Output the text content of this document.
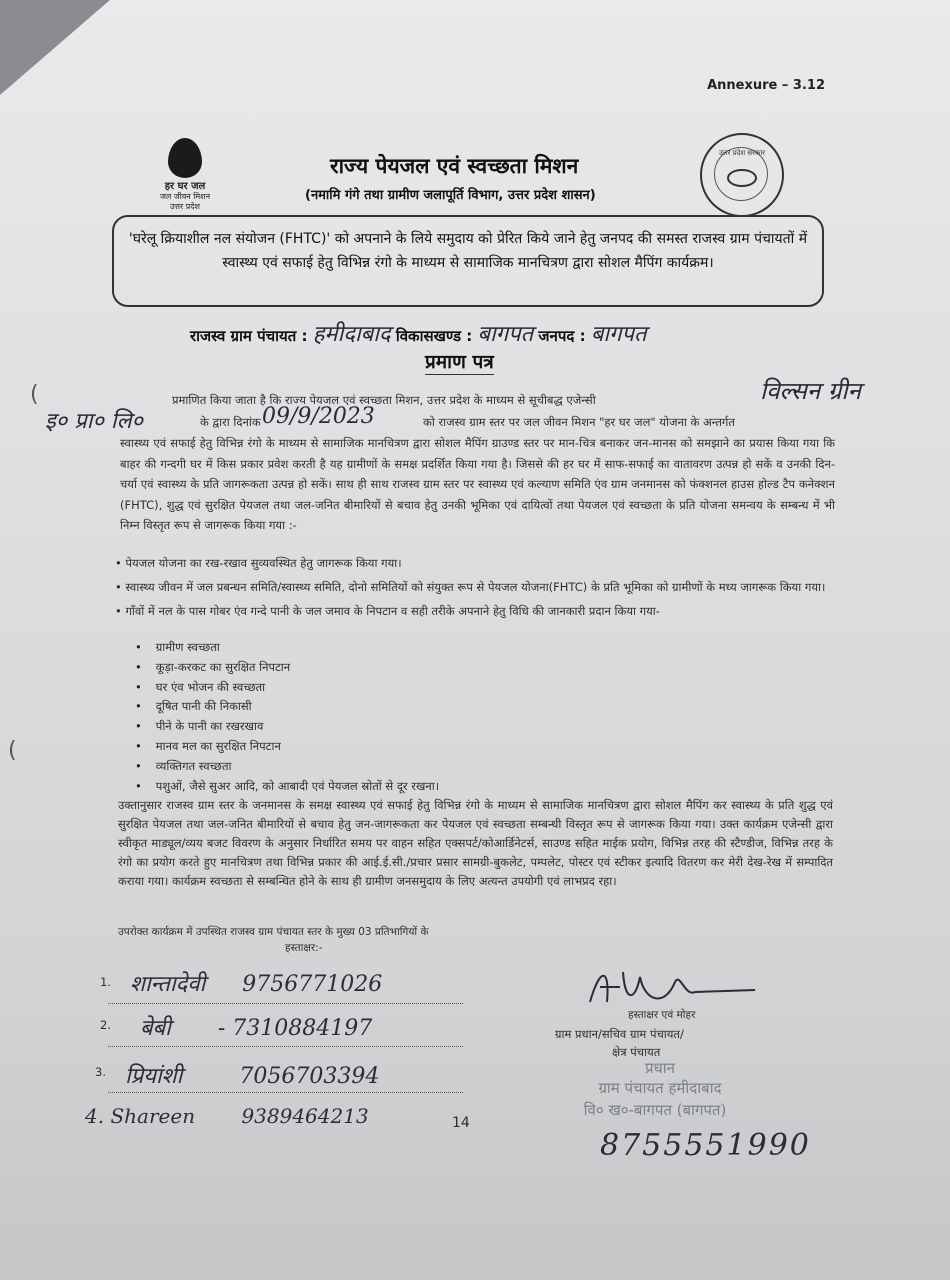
Annexure – 3.12
हर घर जल
जल जीवन मिशन
उत्तर प्रदेश
उत्तर प्रदेश सरकार
राज्य पेयजल एवं स्वच्छता मिशन
(नमामि गंगे तथा ग्रामीण जलापूर्ति विभाग, उत्तर प्रदेश शासन)
'घरेलू क्रियाशील नल संयोजन (FHTC)' को अपनाने के लिये समुदाय को प्रेरित किये जाने हेतु जनपद की समस्त राजस्व ग्राम पंचायतों में स्वास्थ्य एवं सफाई हेतु विभिन्न रंगो के माध्यम से सामाजिक मानचित्रण द्वारा सोशल मैपिंग कार्यक्रम।
राजस्व ग्राम पंचायत : हमीदाबाद विकासखण्ड : बागपत जनपद : बागपत
प्रमाण पत्र
(
(
प्रमाणित किया जाता है कि राज्य पेयजल एवं स्वच्छता मिशन, उत्तर प्रदेश के माध्यम से सूचीबद्ध एजेन्सी	विल्सन ग्रीन
इ० प्रा० लि०	के द्वारा दिनांक 09/9/2023	को राजस्व ग्राम स्तर पर जल जीवन मिशन "हर घर जल" योजना के अन्तर्गत
स्वास्थ्य एवं सफाई हेतु विभिन्न रंगो के माध्यम से सामाजिक मानचित्रण द्वारा सोशल मैपिंग ग्राउण्ड स्तर पर मान-चित्र बनाकर जन-मानस को समझाने का प्रयास किया गया कि बाहर की गन्दगी घर में किस प्रकार प्रवेश करती है यह ग्रामीणों के समक्ष प्रदर्शित किया गया है। जिससे की हर घर में साफ-सफाई का वातावरण उत्पन्न हो सकें व उनकी दिन-चर्या एवं स्वास्थ्य के प्रति जागरूकता उत्पन्न हो सकें। साथ ही साथ राजस्व ग्राम स्तर पर स्वास्थ्य एवं कल्याण समिति एंव ग्राम जनमानस को फंक्शनल हाउस होल्ड टैप कनेक्शन (FHTC), शुद्ध एवं सुरक्षित पेयजल तथा जल-जनित बीमारियों से बचाव हेतु उनकी भूमिका एवं दायित्वों तथा पेयजल एवं स्वच्छता के प्रति योजना समन्वय के सम्बन्ध में भी निम्न विस्तृत रूप से जागरूक किया गया :-
• पेयजल योजना का रख-रखाव सुव्यवस्थित हेतु जागरूक किया गया।
• स्वास्थ्य जीवन में जल प्रबन्धन समिति/स्वास्थ्य समिति, दोनो समितियों को संयुक्त रूप से पेयजल योजना(FHTC) के प्रति भूमिका को ग्रामीणों के मध्य जागरूक किया गया।
• गाँवों में नल के पास गोबर एंव गन्दे पानी के जल जमाव के निपटान व सही तरीके अपनाने हेतु विधि की जानकारी प्रदान किया गया-
• ग्रामीण स्वच्छता
• कूड़ा-करकट का सुरक्षित निपटान
• घर एंव भोजन की स्वच्छता
• दूषित पानी की निकासी
• पीने के पानी का रखरखाव
• मानव मल का सुरक्षित निपटान
• व्यक्तिगत स्वच्छता
• पशुओं, जैसे सुअर आदि, को आबादी एवं पेयजल स्रोतों से दूर रखना।
उक्तानुसार राजस्व ग्राम स्तर के जनमानस के समक्ष स्वास्थ्य एवं सफाई हेतु विभिन्न रंगो के माध्यम से सामाजिक मानचित्रण द्वारा सोशल मैपिंग कर स्वास्थ्य के प्रति शुद्ध एवं सुरक्षित पेयजल तथा जल-जनित बीमारियों से बचाव हेतु जन-जागरूकता कर पेयजल एवं स्वच्छता सम्बन्धी विस्तृत रूप से जागरूक किया गया। उक्त कार्यक्रम एजेन्सी द्वारा स्वीकृत माड्यूल/व्यय बजट विवरण के अनुसार निर्धारित समय पर वाहन सहित एक्सपर्ट/कोआर्डिनेटर्स, साउण्ड सहित माईक प्रयोग, विभिन्न तरह की स्टैण्डीज, विभिन्न तरह के रंगो का प्रयोग करते हुए मानचित्रण तथा विभिन्न प्रकार की आई.ई.सी./प्रचार प्रसार सामग्री-बुकलेट, पम्पलेट, पोस्टर एवं स्टीकर इत्यादि वितरण कर मेरी देख-रेख में सम्पादित कराया गया। कार्यक्रम स्वच्छता से सम्बन्धित होने के साथ ही ग्रामीण जनसमुदाय के लिए अत्यन्त उपयोगी एवं लाभप्रद रहा।
उपरोक्त कार्यक्रम में उपस्थित राजस्व ग्राम पंचायत स्तर के मुख्य 03 प्रतिभागियों के
हस्ताक्षर:-
1. शान्तादेवी 9756771026
2. बेबी - 7310884197
3. प्रियांशी	7056703394
4. Shareen 9389464213	14
हस्ताक्षर एवं मोहर
ग्राम प्रधान/सचिव ग्राम पंचायत/
क्षेत्र पंचायत
प्रधान
ग्राम पंचायत हमीदाबाद
वि० ख०-बागपत (बागपत)
8755551990
